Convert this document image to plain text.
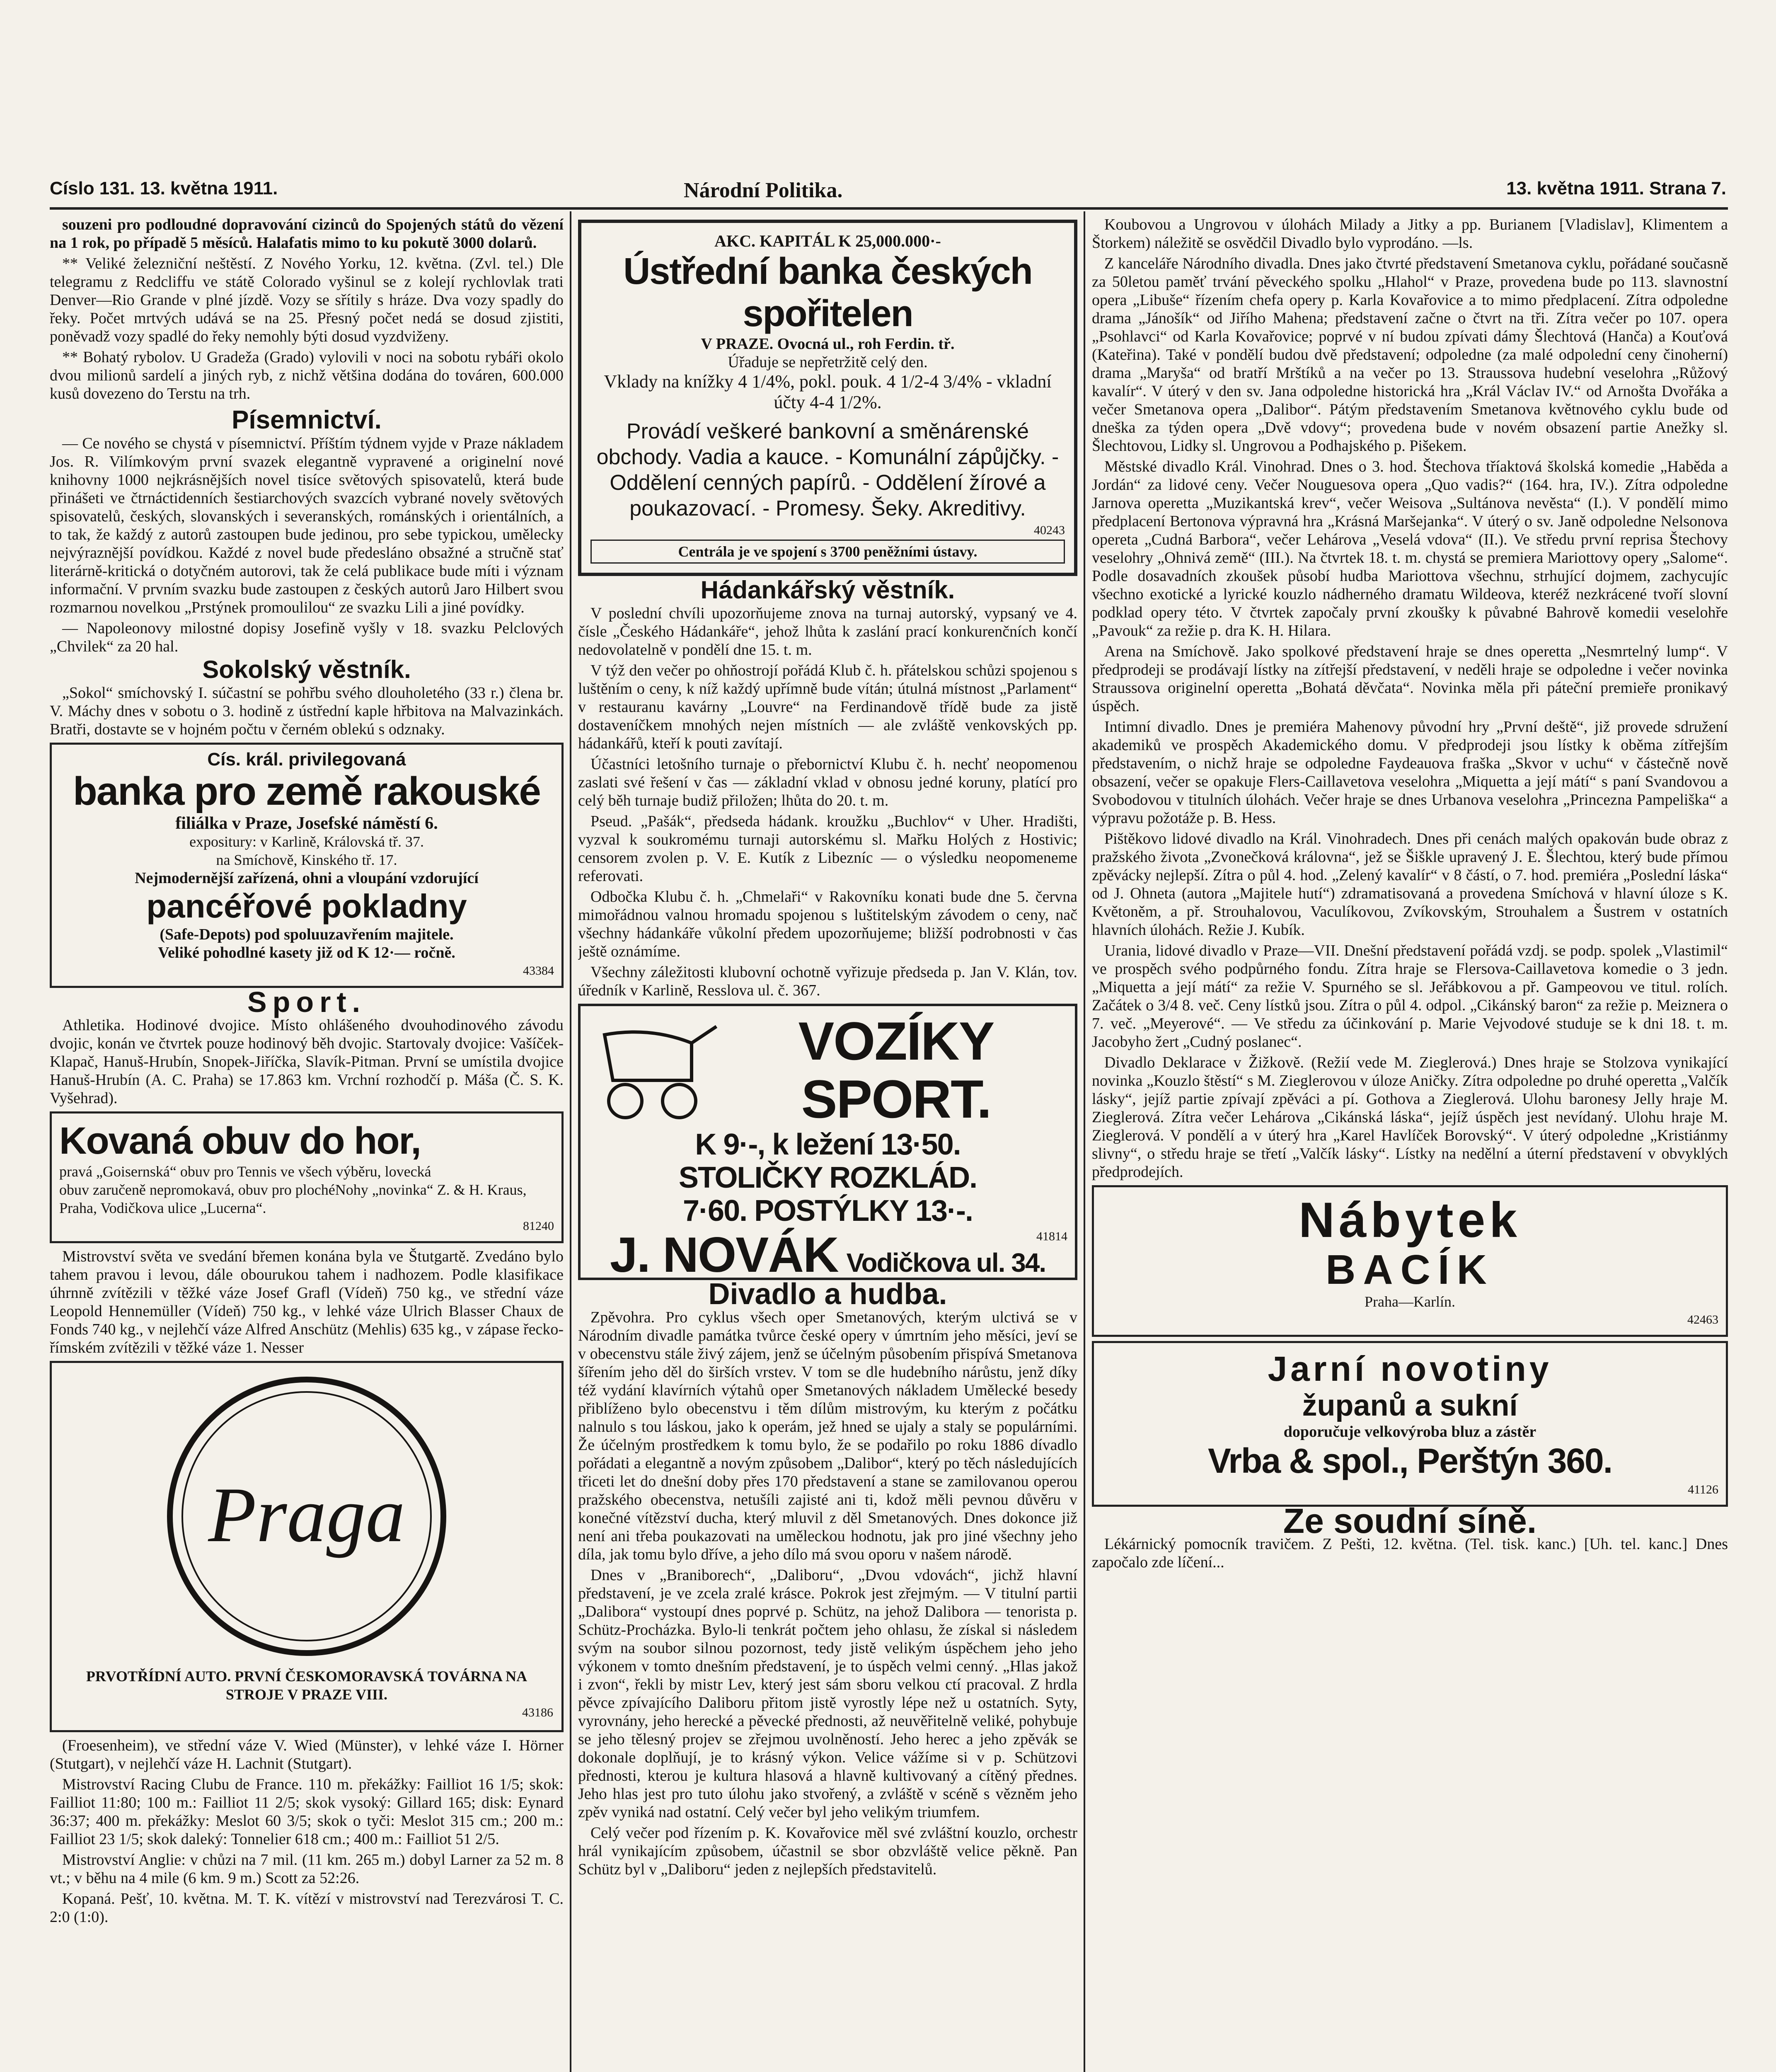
Císlo 131. 13. května 1911.	Národní Politika.	13. května 1911. Strana 7.

souzeni pro podloudné dopravování cizinců do Spojených států do vězení na 1 rok, po případě 5 měsíců. Halafatis mimo to ku pokutě 3000 dolarů.

** Veliké železniční neštěstí. Z Nového Yorku, 12. května. (Zvl. tel.) Dle telegramu z Redcliffu ve státě Colorado vyšinul se z kolejí rychlovlak trati Denver—Rio Grande v plné jízdě. Vozy se sřítily s hráze. Dva vozy spadly do řeky. Počet mrtvých udává se na 25. Přesný počet nedá se dosud zjistiti, poněvadž vozy spadlé do řeky nemohly býti dosud vyzdviženy.

** Bohatý rybolov. U Gradeža (Grado) vylovili v noci na sobotu rybáři okolo dvou milionů sardelí a jiných ryb, z nichž většina dodána do továren, 600.000 kusů dovezeno do Terstu na trh.

Písemnictví.

— Ce nového se chystá v písemnictví. Příštím týdnem vyjde v Praze nákladem Jos. R. Vilímkovým první svazek elegantně vypravené a originelní nové knihovny 1000 nejkrásnějších novel tisíce světových spisovatelů, která bude přinášeti ve čtrnáctidenních šestiarchových svazcích vybrané novely světových spisovatelů, českých, slovanských i severanských, románských i orientálních, a to tak, že každý z autorů zastoupen bude jedinou, pro sebe typickou, umělecky nejvýraznější povídkou. Každé z novel bude předesláno obsažné a stručně stať literárně-kritická o dotyčném autorovi, tak že celá publikace bude míti i význam informační. V prvním svazku bude zastoupen z českých autorů Jaro Hilbert svou rozmarnou novelkou „Prstýnek promoulilou“ ze svazku Lili a jiné povídky.

— Napoleonovy milostné dopisy Josefině vyšly v 18. svazku Pelclových „Chvilek“ za 20 hal.

Sokolský věstník.

„Sokol“ smíchovský I. súčastní se pohřbu svého dlouholetého (33 r.) člena br. V. Máchy dnes v sobotu o 3. hodině z ústřední kaple hřbitova na Malvazinkách. Bratři, dostavte se v hojném počtu v černém oblekú s odznaky.

Cís. král. privilegovaná
banka pro země rakouské
filiálka v Praze, Josefské náměstí 6.
expositury: v Karlině, Královská tř. 37.
na Smíchově, Kinského tř. 17.
Nejmodernější zařízená, ohni a vloupání vzdorující
pancéřové pokladny
(Safe-Depots) pod spoluuzavřením majitele.
Veliké pohodlné kasety již od K 12·— ročně.
43384
Sport.

Athletika. Hodinové dvojice. Místo ohlášeného dvouhodinového závodu dvojic, konán ve čtvrtek pouze hodinový běh dvojic. Startovaly dvojice: Vašíček-Klapač, Hanuš-Hrubín, Snopek-Jiříčka, Slavík-Pitman. První se umístila dvojice Hanuš-Hrubín (A. C. Praha) se 17.863 km. Vrchní rozhodčí p. Máša (Č. S. K. Vyšehrad).

Kovaná obuv do hor,
pravá „Goisernská“ obuv pro Tennis ve všech výběru, lovecká
obuv zaručeně nepromokavá, obuv pro plochéNohy „novinka“ Z. & H. Kraus, Praha, Vodičkova ulice „Lucerna“.
81240

Mistrovství světa ve svedání břemen konána byla ve Štutgartě. Zvedáno bylo tahem pravou i levou, dále obourukou tahem i nadhozem. Podle klasifikace úhrnně zvítězili v těžké váze Josef Grafl (Vídeň) 750 kg., ve střední váze Leopold Hennemüller (Vídeň) 750 kg., v lehké váze Ulrich Blasser Chaux de Fonds 740 kg., v nejlehčí váze Alfred Anschütz (Mehlis) 635 kg., v zápase řecko-římském zvítězili v těžké váze 1. Nesser

Praga
PRVOTŘÍDNÍ AUTO. PRVNÍ ČESKOMORAVSKÁ TOVÁRNA NA STROJE V PRAZE VIII.
43186

(Froesenheim), ve střední váze V. Wied (Münster), v lehké váze I. Hörner (Stutgart), v nejlehčí váze H. Lachnit (Stutgart).

Mistrovství Racing Clubu de France. 110 m. překážky: Failliot 16 1/5; skok: Failliot 11:80; 100 m.: Failliot 11 2/5; skok vysoký: Gillard 165; disk: Eynard 36:37; 400 m. překážky: Meslot 60 3/5; skok o tyči: Meslot 315 cm.; 200 m.: Failliot 23 1/5; skok daleký: Tonnelier 618 cm.; 400 m.: Failliot 51 2/5.

Mistrovství Anglie: v chůzi na 7 mil. (11 km. 265 m.) dobyl Larner za 52 m. 8 vt.; v běhu na 4 mile (6 km. 9 m.) Scott za 52:26.

Kopaná. Pešť, 10. května. M. T. K. vítězí v mistrovství nad Terezvárosi T. C. 2:0 (1:0).

AKC. KAPITÁL K 25,000.000·-
Ústřední banka českých spořitelen
V PRAZE. Ovocná ul., roh Ferdin. tř.
Úřaduje se nepřetržitě celý den.
Vklady na knížky 4 1/4%, pokl. pouk. 4 1/2-4 3/4% - vkladní účty 4-4 1/2%.
Provádí veškeré bankovní a směnárenské obchody. Vadia a kauce. - Komunální zápůjčky. - Oddělení cenných papírů. - Oddělení žírové a poukazovací. - Promesy. Šeky. Akreditivy.
40243
Centrála je ve spojení s 3700 peněžními ústavy.
Hádankářský věstník.

V poslední chvíli upozorňujeme znova na turnaj autorský, vypsaný ve 4. čísle „Českého Hádankáře“, jehož lhůta k zaslání prací konkurenčních končí nedovolatelně v pondělí dne 15. t. m.

V týž den večer po ohňostrojí pořádá Klub č. h. přátelskou schůzi spojenou s luštěním o ceny, k níž každý upřímně bude vítán; útulná místnost „Parlament“ v restauranu kavárny „Louvre“ na Ferdinandově třídě bude za jistě dostaveníčkem mnohých nejen místních — ale zvláště venkovských pp. hádankářů, kteří k pouti zavítají.

Účastníci letošního turnaje o přebornictví Klubu č. h. nechť neopomenou zaslati své řešení v čas — základní vklad v obnosu jedné koruny, platící pro celý běh turnaje budiž přiložen; lhůta do 20. t. m.

Pseud. „Pašák“, předseda hádank. kroužku „Buchlov“ v Uher. Hradišti, vyzval k soukromému turnaji autorskému sl. Mařku Holých z Hostivic; censorem zvolen p. V. E. Kutík z Libezníc — o výsledku neopomeneme referovati.

Odbočka Klubu č. h. „Chmelaři“ v Rakovníku konati bude dne 5. června mimořádnou valnou hromadu spojenou s luštitelským závodem o ceny, nač všechny hádankáře vůkolní předem upozorňujeme; bližší podrobnosti v čas ještě oznámíme.

Všechny záležitosti klubovní ochotně vyřizuje předseda p. Jan V. Klán, tov. úředník v Karlině, Resslova ul. č. 367.

VOZÍKY SPORT.
K 9·-, k ležení 13·50.
STOLIČKY ROZKLÁD.
7·60. POSTÝLKY 13·-.
41814
J. NOVÁK Vodičkova ul. 34.
Divadlo a hudba.

Zpěvohra. Pro cyklus všech oper Smetanových, kterým ulctivá se v Národním divadle památka tvůrce české opery v úmrtním jeho měsíci, jeví se v obecenstvu stále živý zájem, jenž se účelným působením přispívá Smetanova šířením jeho děl do širších vrstev. V tom se dle hudebního nárůstu, jenž díky též vydání klavírních výtahů oper Smetanových nákladem Umělecké besedy přiblíženo bylo obecenstvu i těm dílům mistrovým, ku kterým z počátku nalnulo s tou láskou, jako k operám, jež hned se ujaly a staly se populárními. Že účelným prostředkem k tomu bylo, že se podařilo po roku 1886 dívadlo pořádati a elegantně a novým způsobem „Dalibor“, který po těch následujících třiceti let do dnešní doby přes 170 představení a stane se zamilovanou operou pražského obecenstva, netušíli zajisté ani ti, kdož měli pevnou důvěru v konečné vítězství ducha, který mluvil z děl Smetanových. Dnes dokonce již není ani třeba poukazovati na uměleckou hodnotu, jak pro jiné všechny jeho díla, jak tomu bylo dříve, a jeho dílo má svou oporu v našem národě.

Dnes v „Braniborech“, „Daliboru“, „Dvou vdovách“, jichž hlavní představení, je ve zcela zralé krásce. Pokrok jest zřejmým. — V titulní partii „Dalibora“ vystoupí dnes poprvé p. Schütz, na jehož Dalibora — tenorista p. Schütz-Procházka. Bylo-li tenkrát počtem jeho ohlasu, že získal si následem svým na soubor silnou pozornost, tedy jistě velikým úspěchem jeho jeho výkonem v tomto dnešním představení, je to úspěch velmi cenný. „Hlas jakož i zvon“, řekli by mistr Lev, který jest sám sboru velkou ctí pracoval. Z hrdla pěvce zpívajícího Daliboru přitom jistě vyrostly lépe než u ostatních. Syty, vyrovnány, jeho herecké a pěvecké přednosti, až neuvěřitelně veliké, pohybuje se jeho tělesný projev se zřejmou uvolněností. Jeho herec a jeho zpěvák se dokonale doplňují, je to krásný výkon. Velice vážíme si v p. Schützovi přednosti, kterou je kultura hlasová a hlavně kultivovaný a cítěný přednes. Jeho hlas jest pro tuto úlohu jako stvořený, a zvláště v scéně s vězněm jeho zpěv vyniká nad ostatní. Celý večer byl jeho velikým triumfem.

Celý večer pod řízením p. K. Kovařovice měl své zvláštní kouzlo, orchestr hrál vynikajícím způsobem, účastnil se sbor obzvláště velice pěkně. Pan Schütz byl v „Daliboru“ jeden z nejlepších představitelů.

Koubovou a Ungrovou v úlohách Milady a Jitky a pp. Burianem [Vladislav], Klimentem a Štorkem) náležitě se osvědčil Divadlo bylo vyprodáno. —ls.

Z kanceláře Národního divadla. Dnes jako čtvrté představení Smetanova cyklu, pořádané současně za 50letou paměť trvání pěveckého spolku „Hlahol“ v Praze, provedena bude po 113. slavnostní opera „Libuše“ řízením chefa opery p. Karla Kovařovice a to mimo předplacení. Zítra odpoledne drama „Jánošík“ od Jiřího Mahena; představení začne o čtvrt na tři. Zítra večer po 107. opera „Psohlavci“ od Karla Kovařovice; poprvé v ní budou zpívati dámy Šlechtová (Hanča) a Kouťová (Kateřina). Také v pondělí budou dvě představení; odpoledne (za malé odpolední ceny činoherní) drama „Maryša“ od bratří Mrštíků a na večer po 13. Straussova hudební veselohra „Růžový kavalír“. V úterý v den sv. Jana odpoledne historická hra „Král Václav IV.“ od Arnošta Dvořáka a večer Smetanova opera „Dalibor“. Pátým představením Smetanova květnového cyklu bude od dneška za týden opera „Dvě vdovy“; provedena bude v novém obsazení partie Anežky sl. Šlechtovou, Lidky sl. Ungrovou a Podhajského p. Pišekem.

Městské divadlo Král. Vinohrad. Dnes o 3. hod. Štechova tříaktová školská komedie „Haběda a Jordán“ za lidové ceny. Večer Nouguesova opera „Quo vadis?“ (164. hra, IV.). Zítra odpoledne Jarnova operetta „Muzikantská krev“, večer Weisova „Sultánova nevěsta“ (I.). V pondělí mimo předplacení Bertonova výpravná hra „Krásná Maršejanka“. V úterý o sv. Janě odpoledne Nelsonova opereta „Cudná Barbora“, večer Lehárova „Veselá vdova“ (II.). Ve středu první reprisa Štechovy veselohry „Ohnivá země“ (III.). Na čtvrtek 18. t. m. chystá se premiera Mariottovy opery „Salome“. Podle dosavadních zkoušek působí hudba Mariottova všechnu, strhující dojmem, zachycujíc všechno exotické a lyrické kouzlo nádherného dramatu Wildeova, kteréž nezkrácené tvoří slovní podklad opery této. V čtvrtek započaly první zkoušky k půvabné Bahrově komedii veselohře „Pavouk“ za režie p. dra K. H. Hilara.

Arena na Smíchově. Jako spolkové představení hraje se dnes operetta „Nesmrtelný lump“. V předprodeji se prodávají lístky na zítřejší představení, v neděli hraje se odpoledne i večer novinka Straussova originelní operetta „Bohatá děvčata“. Novinka měla při páteční premieře pronikavý úspěch.

Intimní divadlo. Dnes je premiéra Mahenovy původní hry „První deště“, již provede sdružení akademiků ve prospěch Akademického domu. V předprodeji jsou lístky k oběma zítřejším představením, o nichž hraje se odpoledne Faydeauova fraška „Skvor v uchu“ v částečně nově obsazení, večer se opakuje Flers-Caillavetova veselohra „Miquetta a její mátí“ s paní Svandovou a Svobodovou v titulních úlohách. Večer hraje se dnes Urbanova veselohra „Princezna Pampeliška“ a výpravu požotáže p. B. Hess.

Pištěkovo lidové divadlo na Král. Vinohradech. Dnes při cenách malých opakován bude obraz z pražského života „Zvonečková královna“, jež se Šiškle upravený J. E. Šlechtou, který bude přímou zpěvácky nejlepší. Zítra o půl 4. hod. „Zelený kavalír“ v 8 částí, o 7. hod. premiéra „Poslední láska“ od J. Ohneta (autora „Majitele hutí“) zdramatisovaná a provedena Smíchová v hlavní úloze s K. Květoněm, a př. Strouhalovou, Vaculíkovou, Zvíkovským, Strouhalem a Šustrem v ostatních hlavních úlohách. Režie J. Kubík.

Urania, lidové divadlo v Praze—VII. Dnešní představení pořádá vzdj. se podp. spolek „Vlastimil“ ve prospěch svého podpůrného fondu. Zítra hraje se Flersova-Caillavetova komedie o 3 jedn. „Miquetta a její mátí“ za režie V. Spurného se sl. Jeřábkovou a př. Gampeovou ve titul. rolích. Začátek o 3/4 8. več. Ceny lístků jsou. Zítra o půl 4. odpol. „Cikánský baron“ za režie p. Meiznera o 7. več. „Meyerové“. — Ve středu za účinkování p. Marie Vejvodové studuje se k dni 18. t. m. Jacobyho žert „Cudný poslanec“.

Divadlo Deklarace v Žižkově. (Režií vede M. Zieglerová.) Dnes hraje se Stolzova vynikající novinka „Kouzlo štěstí“ s M. Zieglerovou v úloze Aničky. Zítra odpoledne po druhé operetta „Valčík lásky“, jejíž partie zpívají zpěváci a pí. Gothova a Zieglerová. Ulohu baronesy Jelly hraje M. Zieglerová. Zítra večer Lehárova „Cikánská láska“, jejíž úspěch jest nevídaný. Ulohu hraje M. Zieglerová. V pondělí a v úterý hra „Karel Havlíček Borovský“. V úterý odpoledne „Kristiánmy slivny“, o středu hraje se třetí „Valčík lásky“. Lístky na nedělní a úterní představení v obvyklých předprodejích.

Nábytek
BACÍK
Praha—Karlín.
42463
Jarní novotiny
županů a sukní
doporučuje velkovýroba bluz a zástěr
Vrba & spol., Perštýn 360.
41126
Ze soudní síně.

Lékárnický pomocník travičem. Z Pešti, 12. května. (Tel. tisk. kanc.) [Uh. tel. kanc.] Dnes započalo zde líčení...
